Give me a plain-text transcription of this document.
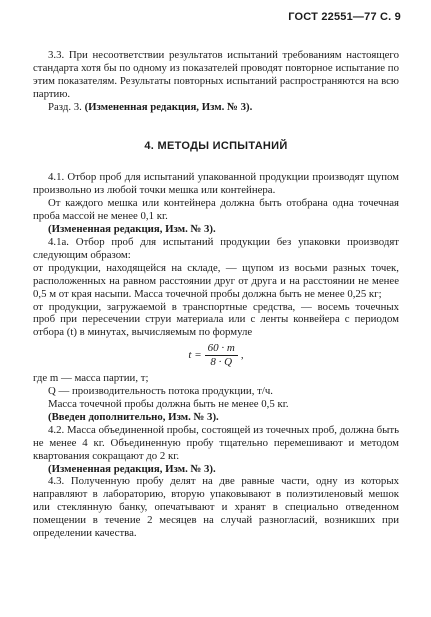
ГОСТ 22551—77 С. 9

3.3. При несоответствии результатов испытаний требованиям настоящего стандарта хотя бы по одному из показателей проводят повторное испытание по этим показателям. Результаты повторных испытаний распространяются на всю партию.

Разд. 3. (Измененная редакция, Изм. № 3).

4. МЕТОДЫ ИСПЫТАНИЙ

4.1. Отбор проб для испытаний упакованной продукции производят щупом произвольно из любой точки мешка или контейнера.

От каждого мешка или контейнера должна быть отобрана одна точечная проба массой не менее 0,1 кг.

(Измененная редакция, Изм. № 3).

4.1а. Отбор проб для испытаний продукции без упаковки производят следующим образом:

от продукции, находящейся на складе, — щупом из восьми разных точек, расположенных на равном расстоянии друг от друга и на расстоянии не менее 0,5 м от края насыпи. Масса точечной пробы должна быть не менее 0,25 кг;

от продукции, загружаемой в транспортные средства, — восемь точечных проб при пересечении струи материала или с ленты конвейера с периодом отбора (t) в минутах, вычисляемым по формуле

$t = \frac{60 \cdot m}{8 \cdot Q}$ ,

где m — масса партии, т;

Q — производительность потока продукции, т/ч.

Масса точечной пробы должна быть не менее 0,5 кг.

(Введен дополнительно, Изм. № 3).

4.2. Масса объединенной пробы, состоящей из точечных проб, должна быть не менее 4 кг. Объединенную пробу тщательно перемешивают и методом квартования сокращают до 2 кг.

(Измененная редакция, Изм. № 3).

4.3. Полученную пробу делят на две равные части, одну из которых направляют в лабораторию, вторую упаковывают в полиэтиленовый мешок или стеклянную банку, опечатывают и хранят в специально отведенном помещении в течение 2 месяцев на случай разногласий, возникших при определении качества.
